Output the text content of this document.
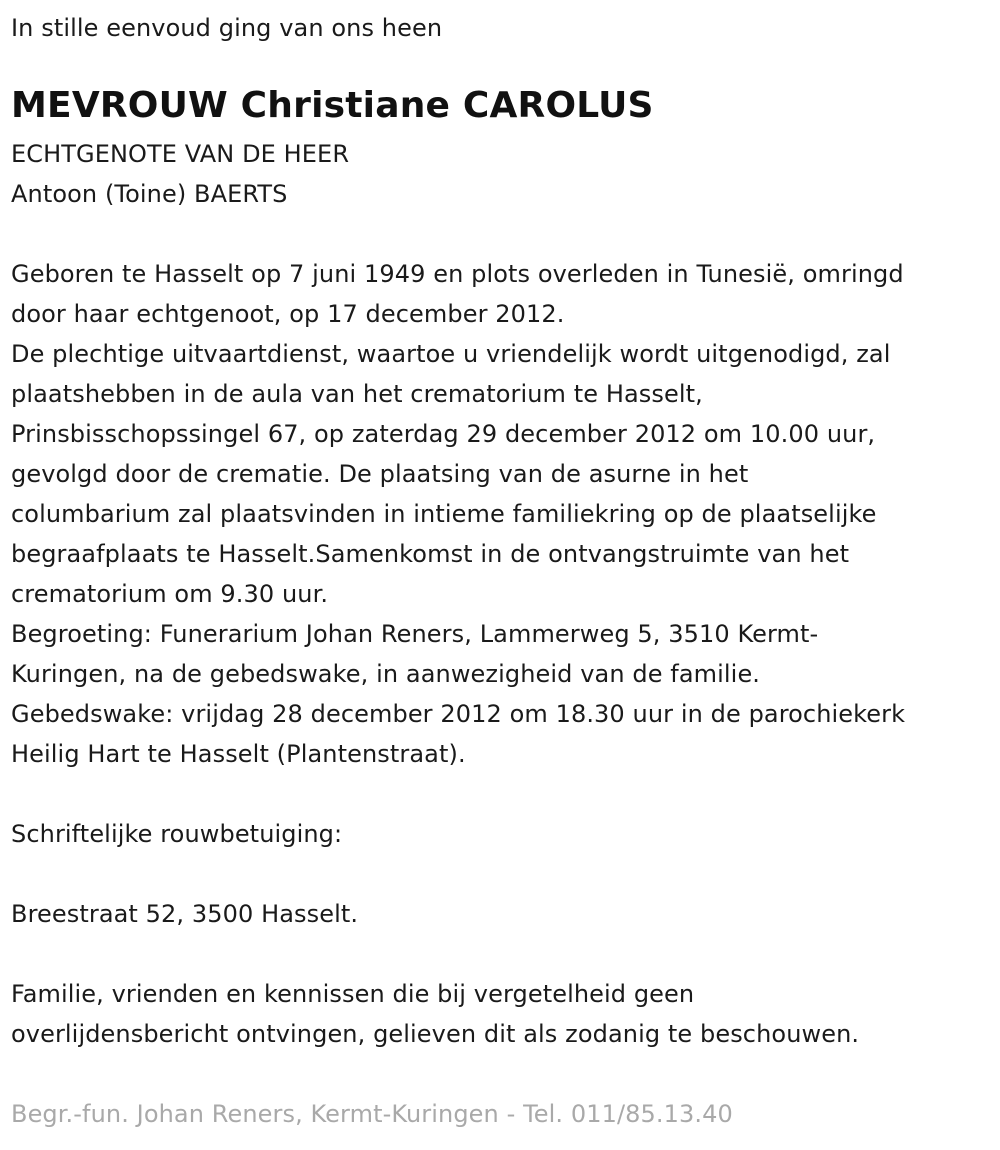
In stille eenvoud ging van ons heen
MEVROUW Christiane CAROLUS
ECHTGENOTE VAN DE HEER
Antoon (Toine) BAERTS
Geboren te Hasselt op 7 juni 1949 en plots overleden in Tunesië, omringd
door haar echtgenoot, op 17 december 2012.
De plechtige uitvaartdienst, waartoe u vriendelijk wordt uitgenodigd, zal
plaatshebben in de aula van het crematorium te Hasselt,
Prinsbisschopssingel 67, op zaterdag 29 december 2012 om 10.00 uur,
gevolgd door de crematie. De plaatsing van de asurne in het
columbarium zal plaatsvinden in intieme familiekring op de plaatselijke
begraafplaats te Hasselt.Samenkomst in de ontvangstruimte van het
crematorium om 9.30 uur.
Begroeting: Funerarium Johan Reners, Lammerweg 5, 3510 Kermt-
Kuringen, na de gebedswake, in aanwezigheid van de familie.
Gebedswake: vrijdag 28 december 2012 om 18.30 uur in de parochiekerk
Heilig Hart te Hasselt (Plantenstraat).
Schriftelijke rouwbetuiging:
Breestraat 52, 3500 Hasselt.
Familie, vrienden en kennissen die bij vergetelheid geen
overlijdensbericht ontvingen, gelieven dit als zodanig te beschouwen.
Begr.-fun. Johan Reners, Kermt-Kuringen - Tel. 011/85.13.40
